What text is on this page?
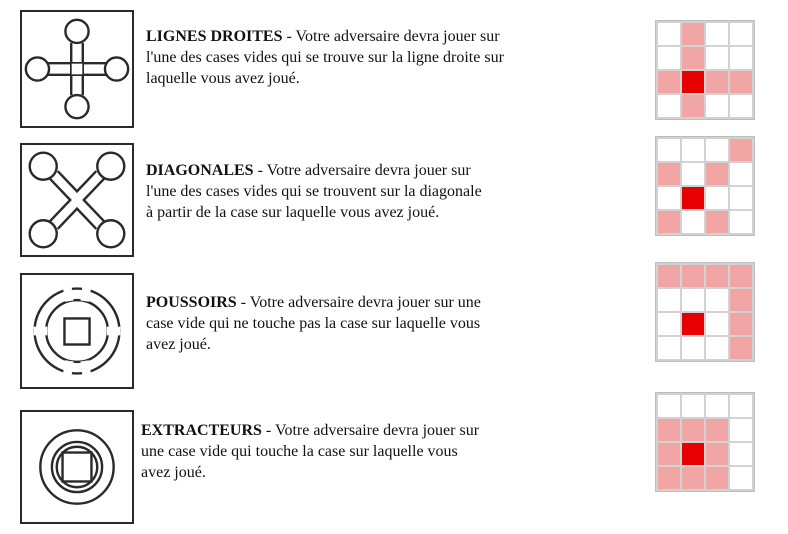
LIGNES DROITES - Votre adversaire devra jouer sur
l'une des cases vides qui se trouve sur la ligne droite sur
laquelle vous avez joué.
DIAGONALES - Votre adversaire devra jouer sur
l'une des cases vides qui se trouvent sur la diagonale
à partir de la case sur laquelle vous avez joué.
POUSSOIRS - Votre adversaire devra jouer sur une
case vide qui ne touche pas la case sur laquelle vous
avez joué.
EXTRACTEURS - Votre adversaire devra jouer sur
une case vide qui touche la case sur laquelle vous
avez joué.
